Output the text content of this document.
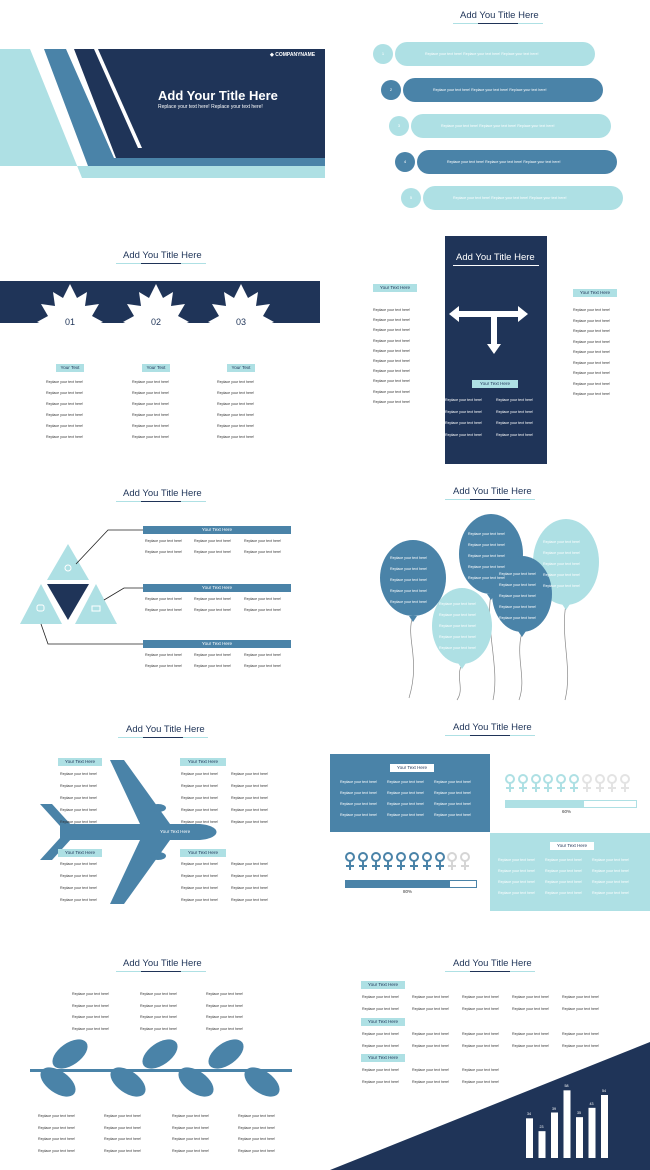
◆ COMPANYNAME
Add Your Title Here
Replace your text here! Replace your text here!
Add You Title Here
Replace your text here! Replace your text here! Replace your text here!
1
Replace your text here! Replace your text here! Replace your text here!
2
Replace your text here! Replace your text here! Replace your text here!
3
Replace your text here! Replace your text here! Replace your text here!
4
Replace your text here! Replace your text here! Replace your text here!
5
Add You Title Here
01
Your Text
Replace your text here!
Replace your text here!
Replace your text here!
Replace your text here!
Replace your text here!
Replace your text here!
02
Your Text
Replace your text here!
Replace your text here!
Replace your text here!
Replace your text here!
Replace your text here!
Replace your text here!
03
Your Text
Replace your text here!
Replace your text here!
Replace your text here!
Replace your text here!
Replace your text here!
Replace your text here!
Add You Title Here
Your Text Here
Replace your text here!
Replace your text here!
Replace your text here!
Replace your text here!
Replace your text here!
Replace your text here!
Replace your text here!
Replace your text here!
Replace your text here!
Replace your text here!
Your Text Here
Replace your text here!
Replace your text here!
Replace your text here!
Replace your text here!
Replace your text here!
Replace your text here!
Replace your text here!
Replace your text here!
Replace your text here!
Your Text Here
Replace your text here!
Replace your text here!
Replace your text here!
Replace your text here!
Replace your text here!
Replace your text here!
Replace your text here!
Replace your text here!
Add You Title Here
Your Text Here
Replace your text here!
Replace your text here!
Replace your text here!
Replace your text here!
Replace your text here!
Replace your text here!
Your Text Here
Replace your text here!
Replace your text here!
Replace your text here!
Replace your text here!
Replace your text here!
Replace your text here!
Your Text Here
Replace your text here!
Replace your text here!
Replace your text here!
Replace your text here!
Replace your text here!
Replace your text here!
Add You Title Here
Replace your text here!
Replace your text here!
Replace your text here!
Replace your text here!
Replace your text here!
Replace your text here!
Replace your text here!
Replace your text here!
Replace your text here!
Replace your text here!
Replace your text here!
Replace your text here!
Replace your text here!
Replace your text here!
Replace your text here!
Replace your text here!
Replace your text here!
Replace your text here!
Replace your text here!
Replace your text here!
Replace your text here!
Replace your text here!
Replace your text here!
Replace your text here!
Replace your text here!
Add You Title Here
Your Text Here
Your Text Here
Replace your text here!
Replace your text here!
Replace your text here!
Replace your text here!
Replace your text here!
Your Text Here
Replace your text here!
Replace your text here!
Replace your text here!
Replace your text here!
Your Text Here
Replace your text here!
Replace your text here!
Replace your text here!
Replace your text here!
Replace your text here!
Replace your text here!
Replace your text here!
Replace your text here!
Replace your text here!
Replace your text here!
Your Text Here
Replace your text here!
Replace your text here!
Replace your text here!
Replace your text here!
Replace your text here!
Replace your text here!
Replace your text here!
Replace your text here!
Add You Title Here
Your Text Here
Replace your text here!
Replace your text here!
Replace your text here!
Replace your text here!
Replace your text here!
Replace your text here!
Replace your text here!
Replace your text here!
Replace your text here!
Replace your text here!
Replace your text here!
Replace your text here!
Your Text Here
Replace your text here!
Replace your text here!
Replace your text here!
Replace your text here!
Replace your text here!
Replace your text here!
Replace your text here!
Replace your text here!
Replace your text here!
Replace your text here!
Replace your text here!
Replace your text here!
60%
80%
Add You Title Here
Replace your text here!
Replace your text here!
Replace your text here!
Replace your text here!
Replace your text here!
Replace your text here!
Replace your text here!
Replace your text here!
Replace your text here!
Replace your text here!
Replace your text here!
Replace your text here!
Replace your text here!
Replace your text here!
Replace your text here!
Replace your text here!
Replace your text here!
Replace your text here!
Replace your text here!
Replace your text here!
Replace your text here!
Replace your text here!
Replace your text here!
Replace your text here!
Replace your text here!
Replace your text here!
Replace your text here!
Replace your text here!
Add You Title Here
Your Text Here
Your Text Here
Your Text Here
Replace your text here!
Replace your text here!
Replace your text here!
Replace your text here!
Replace your text here!
Replace your text here!
Replace your text here!
Replace your text here!
Replace your text here!
Replace your text here!
Replace your text here!
Replace your text here!
Replace your text here!
Replace your text here!
Replace your text here!
Replace your text here!
Replace your text here!
Replace your text here!
Replace your text here!
Replace your text here!
Replace your text here!
Replace your text here!
Replace your text here!
Replace your text here!
Replace your text here!
Replace your text here!
34
23
39
58
35
43
54
